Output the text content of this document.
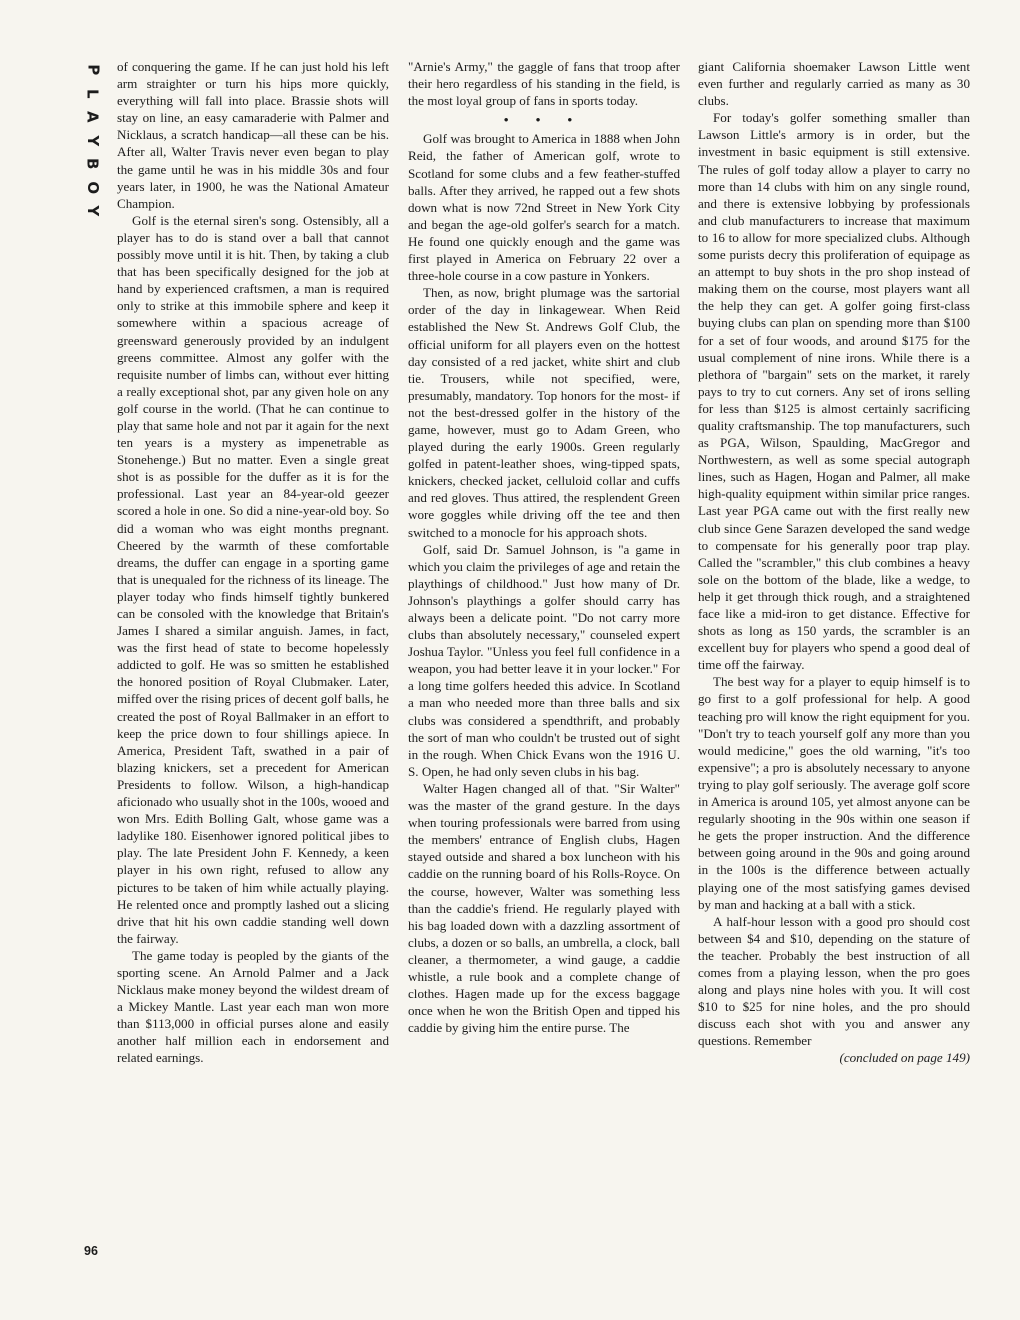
P
L
A
Y
B
O
Y
96

of conquering the game. If he can just hold his left arm straighter or turn his hips more quickly, everything will fall into place. Brassie shots will stay on line, an easy camaraderie with Palmer and Nicklaus, a scratch handicap—all these can be his. After all, Walter Travis never even began to play the game until he was in his middle 30s and four years later, in 1900, he was the National Amateur Champion.

Golf is the eternal siren's song. Ostensibly, all a player has to do is stand over a ball that cannot possibly move until it is hit. Then, by taking a club that has been specifically designed for the job at hand by experienced craftsmen, a man is required only to strike at this immobile sphere and keep it somewhere within a spacious acreage of greensward generously provided by an indulgent greens committee. Almost any golfer with the requisite number of limbs can, without ever hitting a really exceptional shot, par any given hole on any golf course in the world. (That he can continue to play that same hole and not par it again for the next ten years is a mystery as impenetrable as Stonehenge.) But no matter. Even a single great shot is as possible for the duffer as it is for the professional. Last year an 84-year-old geezer scored a hole in one. So did a nine-year-old boy. So did a woman who was eight months pregnant. Cheered by the warmth of these comfortable dreams, the duffer can engage in a sporting game that is unequaled for the richness of its lineage. The player today who finds himself tightly bunkered can be consoled with the knowledge that Britain's James I shared a similar anguish. James, in fact, was the first head of state to become hopelessly addicted to golf. He was so smitten he established the honored position of Royal Clubmaker. Later, miffed over the rising prices of decent golf balls, he created the post of Royal Ballmaker in an effort to keep the price down to four shillings apiece. In America, President Taft, swathed in a pair of blazing knickers, set a precedent for American Presidents to follow. Wilson, a high-handicap aficionado who usually shot in the 100s, wooed and won Mrs. Edith Bolling Galt, whose game was a ladylike 180. Eisenhower ignored political jibes to play. The late President John F. Kennedy, a keen player in his own right, refused to allow any pictures to be taken of him while actually playing. He relented once and promptly lashed out a slicing drive that hit his own caddie standing well down the fairway.

The game today is peopled by the giants of the sporting scene. An Arnold Palmer and a Jack Nicklaus make money beyond the wildest dream of a Mickey Mantle. Last year each man won more than $113,000 in official purses alone and easily another half million each in endorsement and related earnings.

"Arnie's Army," the gaggle of fans that troop after their hero regardless of his standing in the field, is the most loyal group of fans in sports today.

• • •

Golf was brought to America in 1888 when John Reid, the father of American golf, wrote to Scotland for some clubs and a few feather-stuffed balls. After they arrived, he rapped out a few shots down what is now 72nd Street in New York City and began the age-old golfer's search for a match. He found one quickly enough and the game was first played in America on February 22 over a three-hole course in a cow pasture in Yonkers.

Then, as now, bright plumage was the sartorial order of the day in linkagewear. When Reid established the New St. Andrews Golf Club, the official uniform for all players even on the hottest day consisted of a red jacket, white shirt and club tie. Trousers, while not specified, were, presumably, mandatory. Top honors for the most- if not the best-dressed golfer in the history of the game, however, must go to Adam Green, who played during the early 1900s. Green regularly golfed in patent-leather shoes, wing-tipped spats, knickers, checked jacket, celluloid collar and cuffs and red gloves. Thus attired, the resplendent Green wore goggles while driving off the tee and then switched to a monocle for his approach shots.

Golf, said Dr. Samuel Johnson, is "a game in which you claim the privileges of age and retain the playthings of childhood." Just how many of Dr. Johnson's playthings a golfer should carry has always been a delicate point. "Do not carry more clubs than absolutely necessary," counseled expert Joshua Taylor. "Unless you feel full confidence in a weapon, you had better leave it in your locker." For a long time golfers heeded this advice. In Scotland a man who needed more than three balls and six clubs was considered a spendthrift, and probably the sort of man who couldn't be trusted out of sight in the rough. When Chick Evans won the 1916 U. S. Open, he had only seven clubs in his bag.

Walter Hagen changed all of that. "Sir Walter" was the master of the grand gesture. In the days when touring professionals were barred from using the members' entrance of English clubs, Hagen stayed outside and shared a box luncheon with his caddie on the running board of his Rolls-Royce. On the course, however, Walter was something less than the caddie's friend. He regularly played with his bag loaded down with a dazzling assortment of clubs, a dozen or so balls, an umbrella, a clock, ball cleaner, a thermometer, a wind gauge, a caddie whistle, a rule book and a complete change of clothes. Hagen made up for the excess baggage once when he won the British Open and tipped his caddie by giving him the entire purse. The

giant California shoemaker Lawson Little went even further and regularly carried as many as 30 clubs.

For today's golfer something smaller than Lawson Little's armory is in order, but the investment in basic equipment is still extensive. The rules of golf today allow a player to carry no more than 14 clubs with him on any single round, and there is extensive lobbying by professionals and club manufacturers to increase that maximum to 16 to allow for more specialized clubs. Although some purists decry this proliferation of equipage as an attempt to buy shots in the pro shop instead of making them on the course, most players want all the help they can get. A golfer going first-class buying clubs can plan on spending more than $100 for a set of four woods, and around $175 for the usual complement of nine irons. While there is a plethora of "bargain" sets on the market, it rarely pays to try to cut corners. Any set of irons selling for less than $125 is almost certainly sacrificing quality craftsmanship. The top manufacturers, such as PGA, Wilson, Spaulding, MacGregor and Northwestern, as well as some special autograph lines, such as Hagen, Hogan and Palmer, all make high-quality equipment within similar price ranges. Last year PGA came out with the first really new club since Gene Sarazen developed the sand wedge to compensate for his generally poor trap play. Called the "scrambler," this club combines a heavy sole on the bottom of the blade, like a wedge, to help it get through thick rough, and a straightened face like a mid-iron to get distance. Effective for shots as long as 150 yards, the scrambler is an excellent buy for players who spend a good deal of time off the fairway.

The best way for a player to equip himself is to go first to a golf professional for help. A good teaching pro will know the right equipment for you. "Don't try to teach yourself golf any more than you would medicine," goes the old warning, "it's too expensive"; a pro is absolutely necessary to anyone trying to play golf seriously. The average golf score in America is around 105, yet almost anyone can be regularly shooting in the 90s within one season if he gets the proper instruction. And the difference between going around in the 90s and going around in the 100s is the difference between actually playing one of the most satisfying games devised by man and hacking at a ball with a stick.

A half-hour lesson with a good pro should cost between $4 and $10, depending on the stature of the teacher. Probably the best instruction of all comes from a playing lesson, when the pro goes along and plays nine holes with you. It will cost $10 to $25 for nine holes, and the pro should discuss each shot with you and answer any questions. Remember

(concluded on page 149)
